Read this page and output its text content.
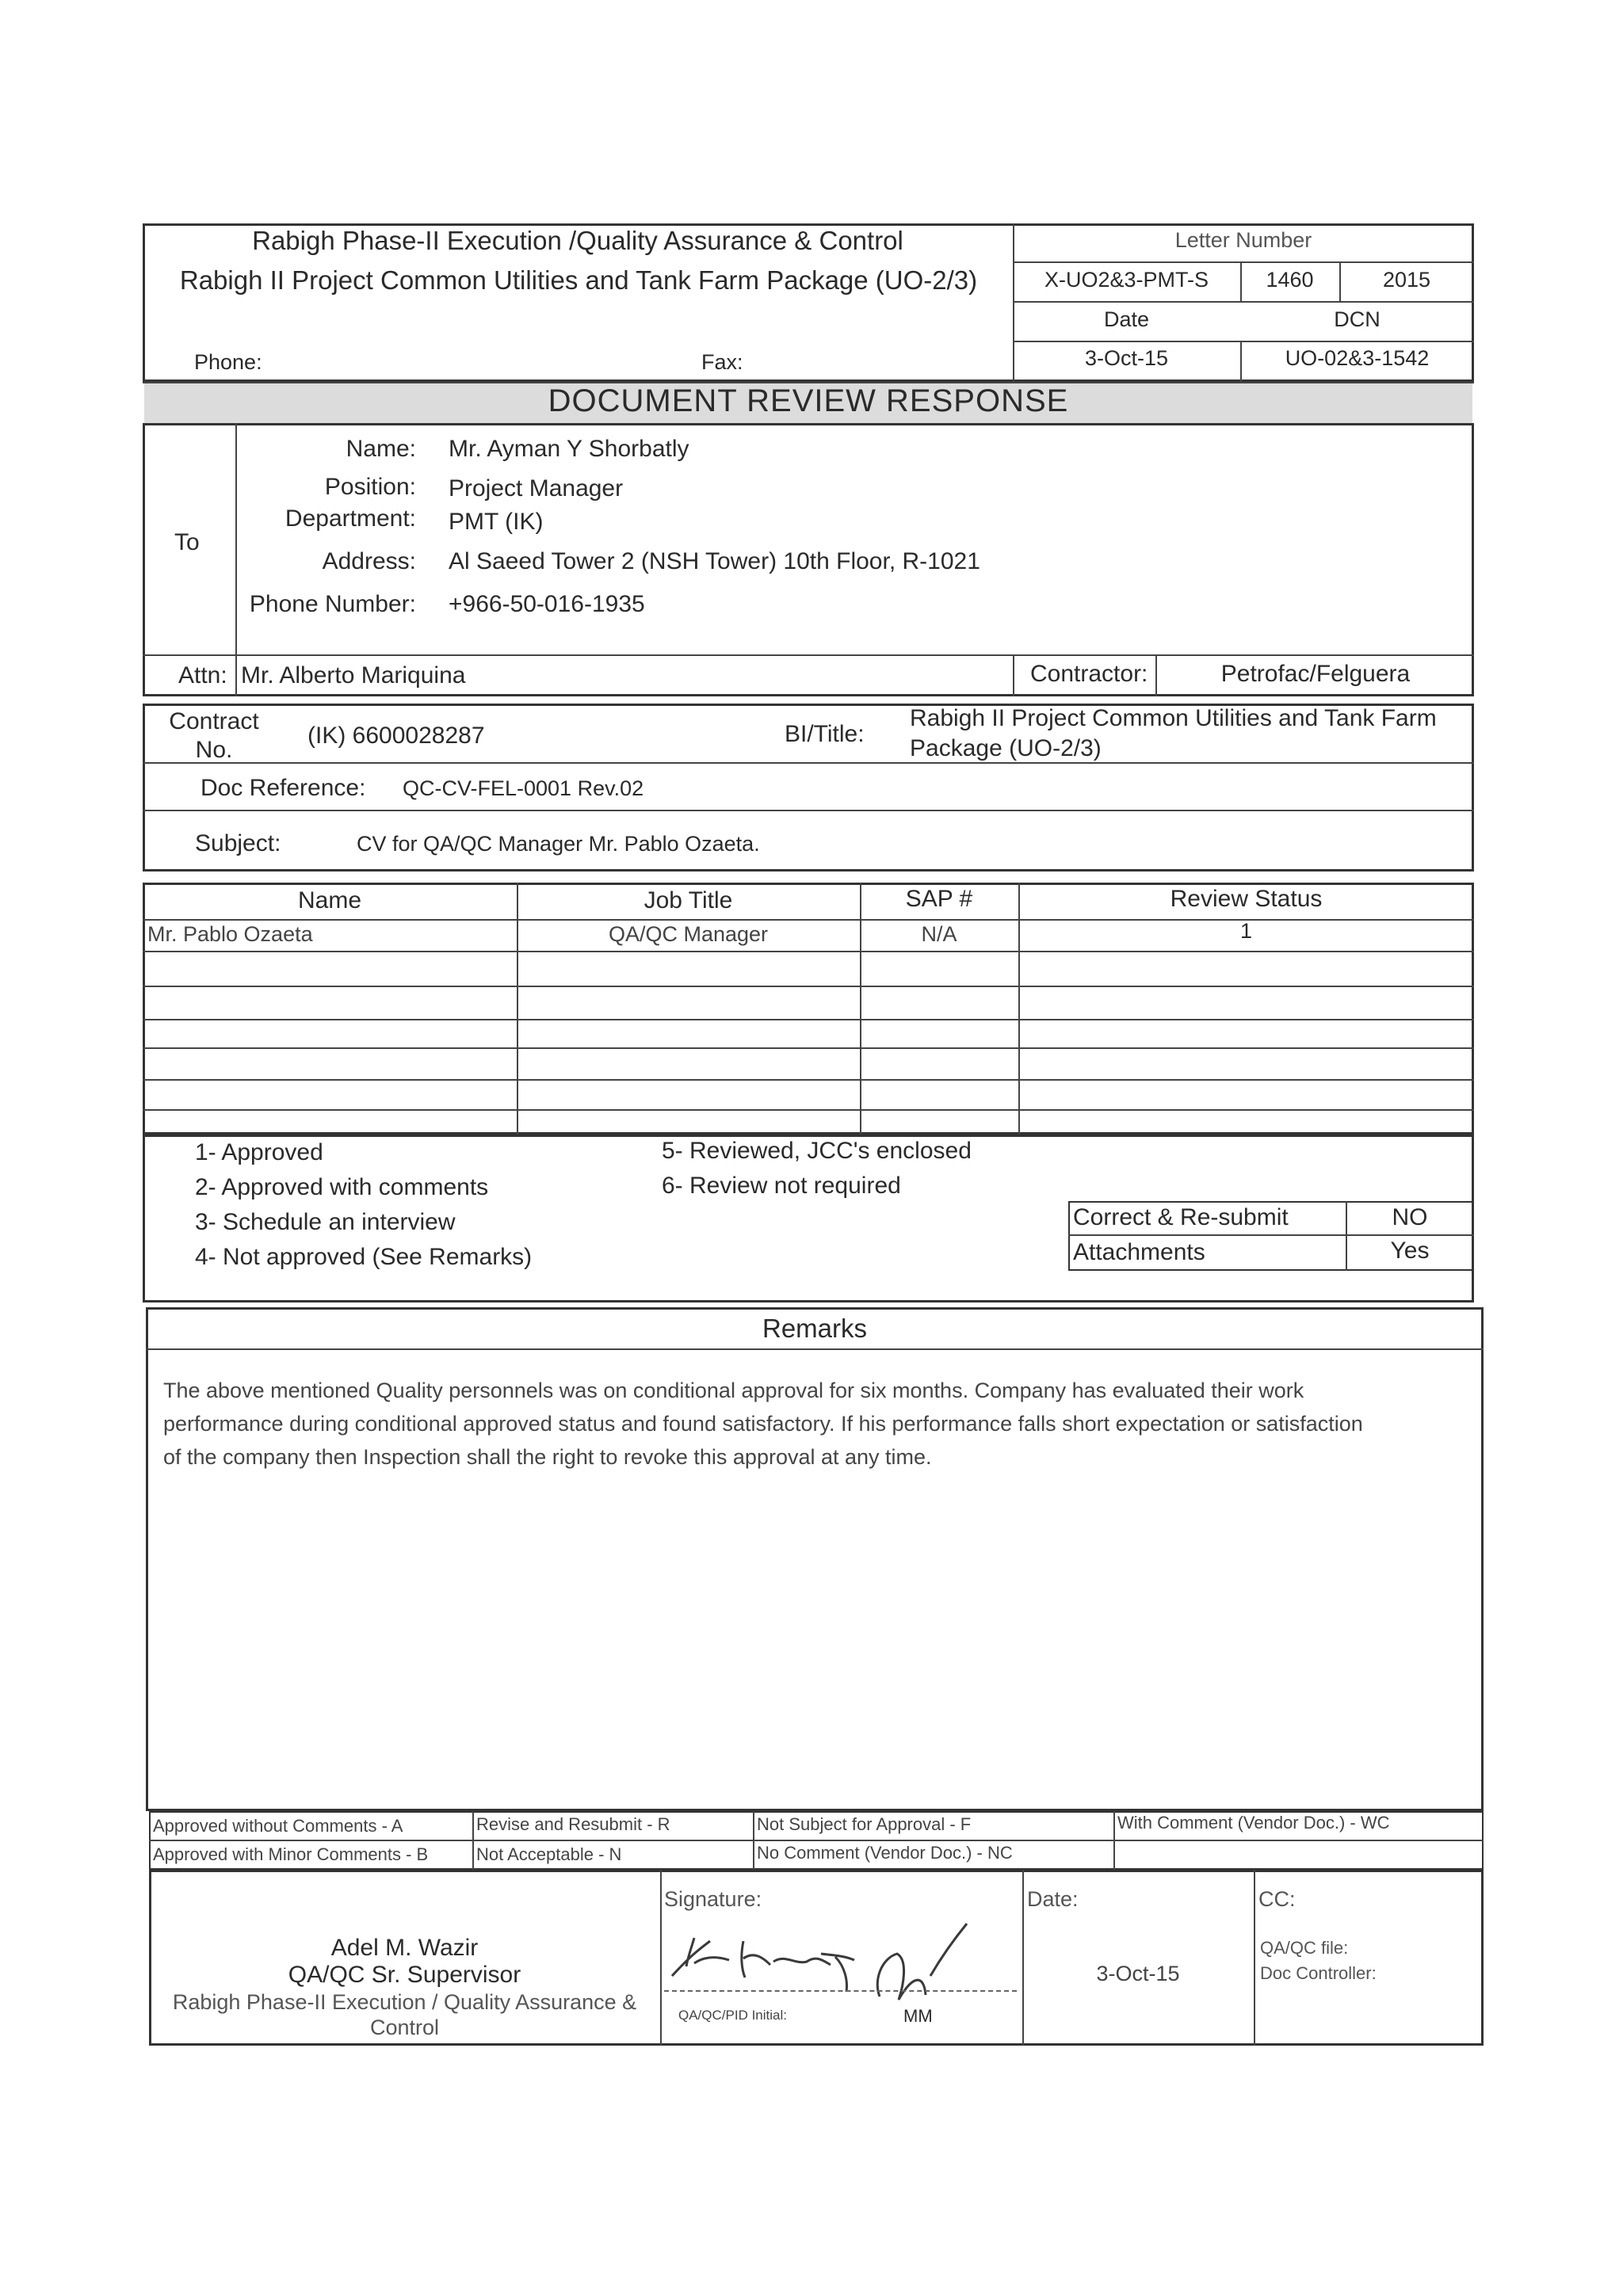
Rabigh Phase-II Execution /Quality Assurance & Control
Rabigh II Project Common Utilities and Tank Farm Package (UO-2/3)
Phone:	Fax:
Letter Number
X-UO2&3-PMT-S	1460	2015
Date	DCN
3-Oct-15	UO-02&3-1542
DOCUMENT REVIEW RESPONSE
To
Name: Mr. Ayman Y Shorbatly
Position: Project Manager
Department: PMT (IK)
Address: Al Saeed Tower 2 (NSH Tower) 10th Floor, R-1021
Phone Number: +966-50-016-1935
Attn: Mr. Alberto Mariquina	Contractor:	Petrofac/Felguera
Contract
No.
(IK) 6600028287	BI/Title:
Rabigh II Project Common Utilities and Tank Farm Package (UO-2/3)
Doc Reference: QC-CV-FEL-0001 Rev.02
Subject:	CV for QA/QC Manager Mr. Pablo Ozaeta.
Name	Job Title	SAP #	Review Status
Mr. Pablo Ozaeta	QA/QC Manager	N/A	1
1- Approved
2- Approved with comments
3- Schedule an interview
4- Not approved (See Remarks)
5- Reviewed, JCC's enclosed
6- Review not required
Correct & Re-submit	NO
Attachments	Yes
Remarks
The above mentioned Quality personnels was on conditional approval for six months. Company has evaluated their work
performance during conditional approved status and found satisfactory. If his performance falls short expectation or satisfaction
of the company then Inspection shall the right to revoke this approval at any time.
Approved without Comments - A	Revise and Resubmit - R	Not Subject for Approval - F	With Comment (Vendor Doc.) - WC
Approved with Minor Comments - B	Not Acceptable - N	No Comment (Vendor Doc.) - NC
Adel M. Wazir
QA/QC Sr. Supervisor
Rabigh Phase-II Execution / Quality Assurance &
Control
Signature:
QA/QC/PID Initial:	MM
Date:
3-Oct-15
CC:
QA/QC file:
Doc Controller:
